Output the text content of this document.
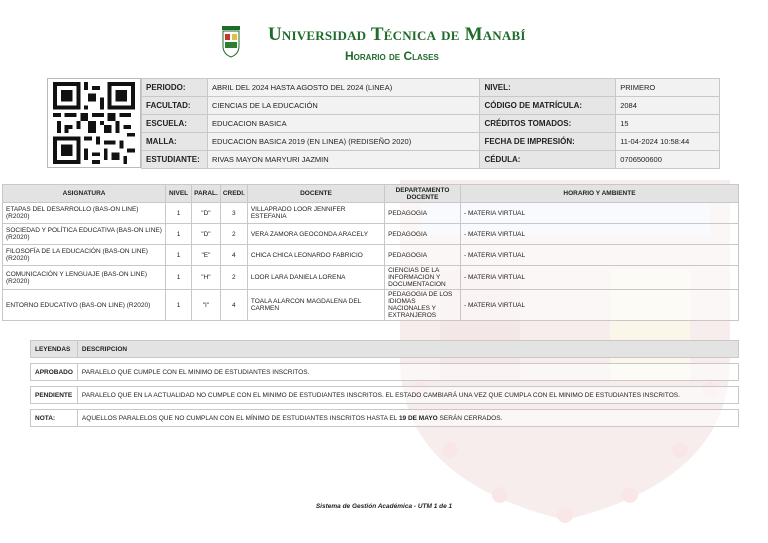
Universidad Técnica de Manabí
Horario de Clases
PERIODO:	ABRIL DEL 2024 HASTA AGOSTO DEL 2024 (LINEA)	NIVEL:	PRIMERO
FACULTAD:	CIENCIAS DE LA EDUCACIÓN	CÓDIGO DE MATRÍCULA:	2084
ESCUELA:	EDUCACION BASICA	CRÉDITOS TOMADOS:	15
MALLA:	EDUCACION BASICA 2019 (EN LINEA) (REDISEÑO 2020)	FECHA DE IMPRESIÓN:	11-04-2024 10:58:44
ESTUDIANTE:	RIVAS MAYON MARYURI JAZMIN	CÉDULA:	0706500600
ASIGNATURA	NIVEL	PARAL.	CREDI.	DOCENTE	DEPARTAMENTO DOCENTE	HORARIO Y AMBIENTE
ETAPAS DEL DESARROLLO (BAS-ON LINE) (R2020)	1	"D"	3	VILLAPRADO LOOR JENNIFER ESTEFANIA	PEDAGOGIA	- MATERIA VIRTUAL
SOCIEDAD Y POLÍTICA EDUCATIVA (BAS-ON LINE) (R2020)	1	"D"	2	VERA ZAMORA GEOCONDA ARACELY	PEDAGOGIA	- MATERIA VIRTUAL
FILOSOFÍA DE LA EDUCACIÓN (BAS-ON LINE) (R2020)	1	"E"	4	CHICA CHICA LEONARDO FABRICIO	PEDAGOGIA	- MATERIA VIRTUAL
COMUNICACIÓN Y LENGUAJE (BAS-ON LINE) (R2020)	1	"H"	2	LOOR LARA DANIELA LORENA	CIENCIAS DE LA INFORMACION Y DOCUMENTACION	- MATERIA VIRTUAL
ENTORNO EDUCATIVO (BAS-ON LINE) (R2020)	1	"I"	4	TOALA ALARCON MAGDALENA DEL CARMEN	PEDAGOGIA DE LOS IDIOMAS NACIONALES Y EXTRANJEROS	- MATERIA VIRTUAL
LEYENDAS	DESCRIPCION

APROBADO	PARALELO QUE CUMPLE CON EL MINIMO DE ESTUDIANTES INSCRITOS.

PENDIENTE	PARALELO QUE EN LA ACTUALIDAD NO CUMPLE CON EL MINIMO DE ESTUDIANTES INSCRITOS. EL ESTADO CAMBIARÁ UNA VEZ QUE CUMPLA CON EL MINIMO DE ESTUDIANTES INSCRITOS.

NOTA:	AQUELLOS PARALELOS QUE NO CUMPLAN CON EL MÍNIMO DE ESTUDIANTES INSCRITOS HASTA EL 19 DE MAYO SERÁN CERRADOS.
Sistema de Gestión Académica - UTM 1 de 1
